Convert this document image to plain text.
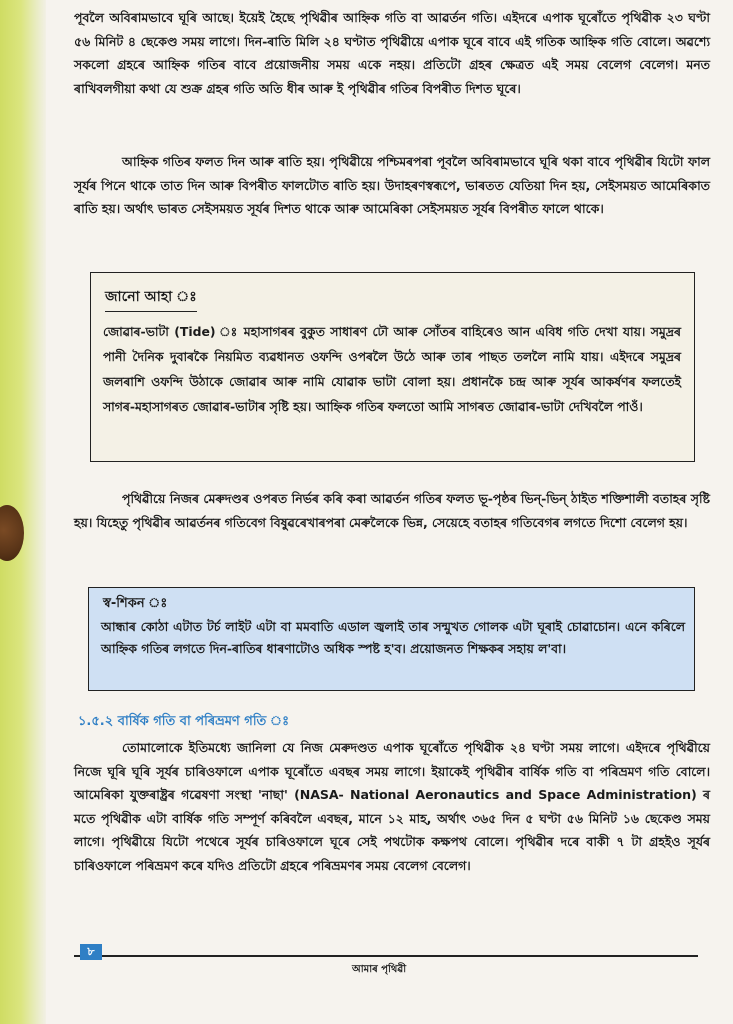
পূবলৈ অবিৰামভাবে ঘূৰি আছে। ইয়েই হৈছে পৃথিৱীৰ আহ্নিক গতি বা আৱৰ্তন গতি। এইদৰে এপাক ঘূৰোঁতে পৃথিৱীক ২৩ ঘণ্টা ৫৬ মিনিট ৪ ছেকেণ্ড সময় লাগে। দিন-ৰাতি মিলি ২৪ ঘণ্টাত পৃথিৱীয়ে এপাক ঘূৰে বাবে এই গতিক আহ্নিক গতি বোলে। অৱশ্যে সকলো গ্ৰহৰে আহ্নিক গতিৰ বাবে প্ৰয়োজনীয় সময় একে নহয়। প্ৰতিটো গ্ৰহৰ ক্ষেত্ৰত এই সময় বেলেগ বেলেগ। মনত ৰাখিবলগীয়া কথা যে শুক্ৰ গ্ৰহৰ গতি অতি ধীৰ আৰু ই পৃথিৱীৰ গতিৰ বিপৰীত দিশত ঘূৰে।

আহ্নিক গতিৰ ফলত দিন আৰু ৰাতি হয়। পৃথিৱীয়ে পশ্চিমৰপৰা পূবলৈ অবিৰামভাবে ঘূৰি থকা বাবে পৃথিৱীৰ যিটো ফাল সূৰ্যৰ পিনে থাকে তাত দিন আৰু বিপৰীত ফালটোত ৰাতি হয়। উদাহৰণস্বৰূপে, ভাৰতত যেতিয়া দিন হয়, সেইসময়ত আমেৰিকাত ৰাতি হয়। অৰ্থাৎ ভাৰত সেইসময়ত সূৰ্যৰ দিশত থাকে আৰু আমেৰিকা সেইসময়ত সূৰ্যৰ বিপৰীত ফালে থাকে।

জানো আহা ঃ
জোৱাৰ-ভাটা (Tide) ঃ মহাসাগৰৰ বুকুত সাধাৰণ ঢৌ আৰু সোঁতৰ বাহিৰেও আন এবিধ গতি দেখা যায়। সমুদ্ৰৰ পানী দৈনিক দুবাৰকৈ নিয়মিত ব্যৱধানত ওফন্দি ওপৰলৈ উঠে আৰু তাৰ পাছত তললৈ নামি যায়। এইদৰে সমুদ্ৰৰ জলৰাশি ওফন্দি উঠাকে জোৱাৰ আৰু নামি যোৱাক ভাটা বোলা হয়। প্ৰধানকৈ চন্দ্ৰ আৰু সূৰ্যৰ আকৰ্ষণৰ ফলতেই সাগৰ-মহাসাগৰত জোৱাৰ-ভাটাৰ সৃষ্টি হয়। আহ্নিক গতিৰ ফলতো আমি সাগৰত জোৱাৰ-ভাটা দেখিবলৈ পাওঁ।

পৃথিৱীয়ে নিজৰ মেৰুদণ্ডৰ ওপৰত নিৰ্ভৰ কৰি কৰা আৱৰ্তন গতিৰ ফলত ভূ-পৃষ্ঠৰ ভিন্-ভিন্ ঠাইত শক্তিশালী বতাহৰ সৃষ্টি হয়। যিহেতু পৃথিৱীৰ আৱৰ্তনৰ গতিবেগ বিষুৱৰেখাৰপৰা মেৰুলৈকে ভিন্ন, সেয়েহে বতাহৰ গতিবেগৰ লগতে দিশো বেলেগ হয়।

স্ব-শিকন ঃ
আন্ধাৰ কোঠা এটাত টৰ্চ লাইট এটা বা মমবাতি এডাল জ্বলাই তাৰ সন্মুখত গোলক এটা ঘূৰাই চোৱাচোন। এনে কৰিলে আহ্নিক গতিৰ লগতে দিন-ৰাতিৰ ধাৰণাটোও অধিক স্পষ্ট হ'ব। প্ৰয়োজনত শিক্ষকৰ সহায় ল'বা।
১.৫.২ বাৰ্ষিক গতি বা পৰিভ্ৰমণ গতি ঃ

তোমালোকে ইতিমধ্যে জানিলা যে নিজ মেৰুদণ্ডত এপাক ঘূৰোঁতে পৃথিৱীক ২৪ ঘণ্টা সময় লাগে। এইদৰে পৃথিৱীয়ে নিজে ঘূৰি ঘূৰি সূৰ্যৰ চাৰিওফালে এপাক ঘূৰোঁতে এবছৰ সময় লাগে। ইয়াকেই পৃথিৱীৰ বাৰ্ষিক গতি বা পৰিভ্ৰমণ গতি বোলে। আমেৰিকা যুক্তৰাষ্ট্ৰৰ গৱেষণা সংস্থা 'নাছা' (NASA- National Aeronautics and Space Administration) ৰ মতে পৃথিৱীক এটা বাৰ্ষিক গতি সম্পূৰ্ণ কৰিবলৈ এবছৰ, মানে ১২ মাহ, অৰ্থাৎ ৩৬৫ দিন ৫ ঘণ্টা ৫৬ মিনিট ১৬ ছেকেণ্ড সময় লাগে। পৃথিৱীয়ে যিটো পথেৰে সূৰ্যৰ চাৰিওফালে ঘূৰে সেই পথটোক কক্ষপথ বোলে। পৃথিৱীৰ দৰে বাকী ৭ টা গ্ৰহইও সূৰ্যৰ চাৰিওফালে পৰিভ্ৰমণ কৰে যদিও প্ৰতিটো গ্ৰহৰে পৰিভ্ৰমণৰ সময় বেলেগ বেলেগ।

৮
আমাৰ পৃথিৱী
